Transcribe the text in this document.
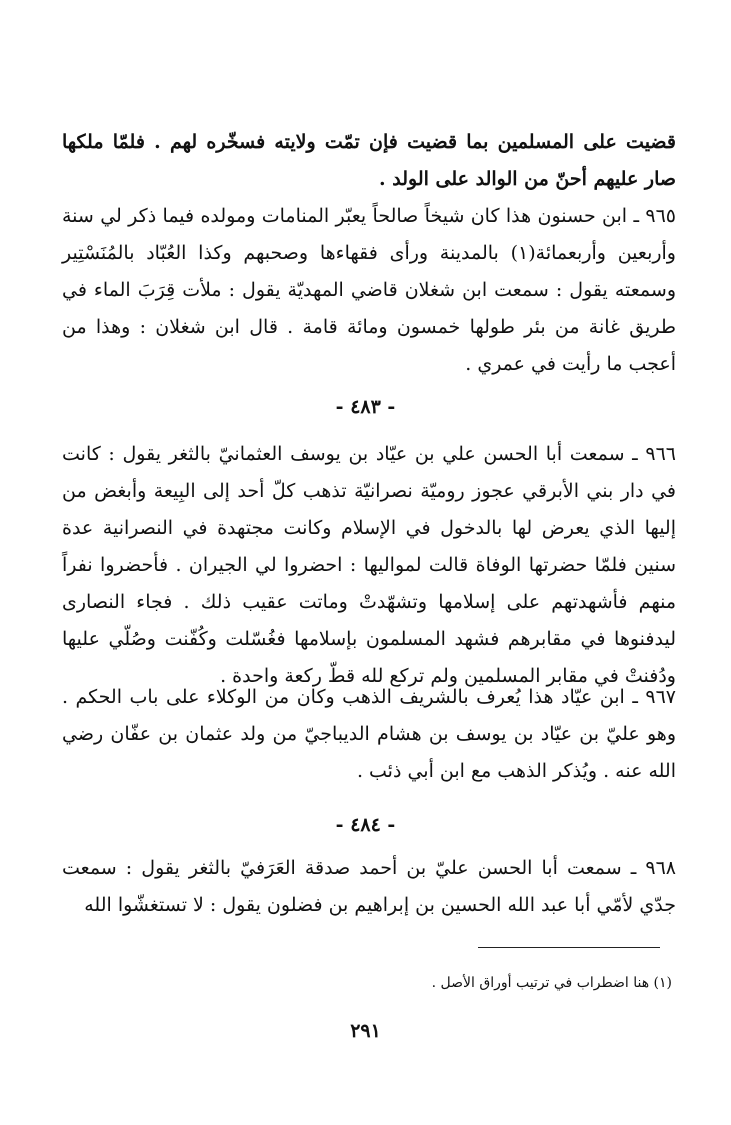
قضيت على المسلمين بما قضيت فإن تمّت ولايته فسخّره لهم . فلمّا ملكها صار عليهم أحنّ من الوالد على الولد .

٩٦٥ ـ ابن حسنون هذا كان شيخاً صالحاً يعبّر المنامات ومولده فيما ذكر لي سنة وأربعين وأربعمائة(١) بالمدينة ورأى فقهاءها وصحبهم وكذا العُبّاد بالمُنَسْتِير وسمعته يقول : سمعت ابن شغلان قاضي المهديّة يقول : ملأت قِرَبَ الماء في طريق غانة من بئر طولها خمسون ومائة قامة . قال ابن شغلان : وهذا من أعجب ما رأيت في عمري .

- ٤٨٣ -

٩٦٦ ـ سمعت أبا الحسن علي بن عيّاد بن يوسف العثمانيّ بالثغر يقول : كانت في دار بني الأبرقي عجوز روميّة نصرانيّة تذهب كلّ أحد إلى البِيعة وأبغض من إليها الذي يعرض لها بالدخول في الإسلام وكانت مجتهدة في النصرانية عدة سنين فلمّا حضرتها الوفاة قالت لمواليها : احضروا لي الجيران . فأحضروا نفراً منهم فأشهدتهم على إسلامها وتشهّدتْ وماتت عقيب ذلك . فجاء النصارى ليدفنوها في مقابرهم فشهد المسلمون بإسلامها فغُسّلت وكُفّنت وصُلّي عليها ودُفنتْ في مقابر المسلمين ولم تركع لله قطّ ركعة واحدة .

٩٦٧ ـ ابن عيّاد هذا يُعرف بالشريف الذهب وكان من الوكلاء على باب الحكم . وهو عليّ بن عيّاد بن يوسف بن هشام الديباجيّ من ولد عثمان بن عفّان رضي الله عنه . ويُذكر الذهب مع ابن أبي ذئب .

- ٤٨٤ -

٩٦٨ ـ سمعت أبا الحسن عليّ بن أحمد صدقة العَرَفيّ بالثغر يقول : سمعت جدّي لأمّي أبا عبد الله الحسين بن إبراهيم بن فضلون يقول : لا تستغشّوا الله

(١) هنا اضطراب في ترتيب أوراق الأصل .
٢٩١
